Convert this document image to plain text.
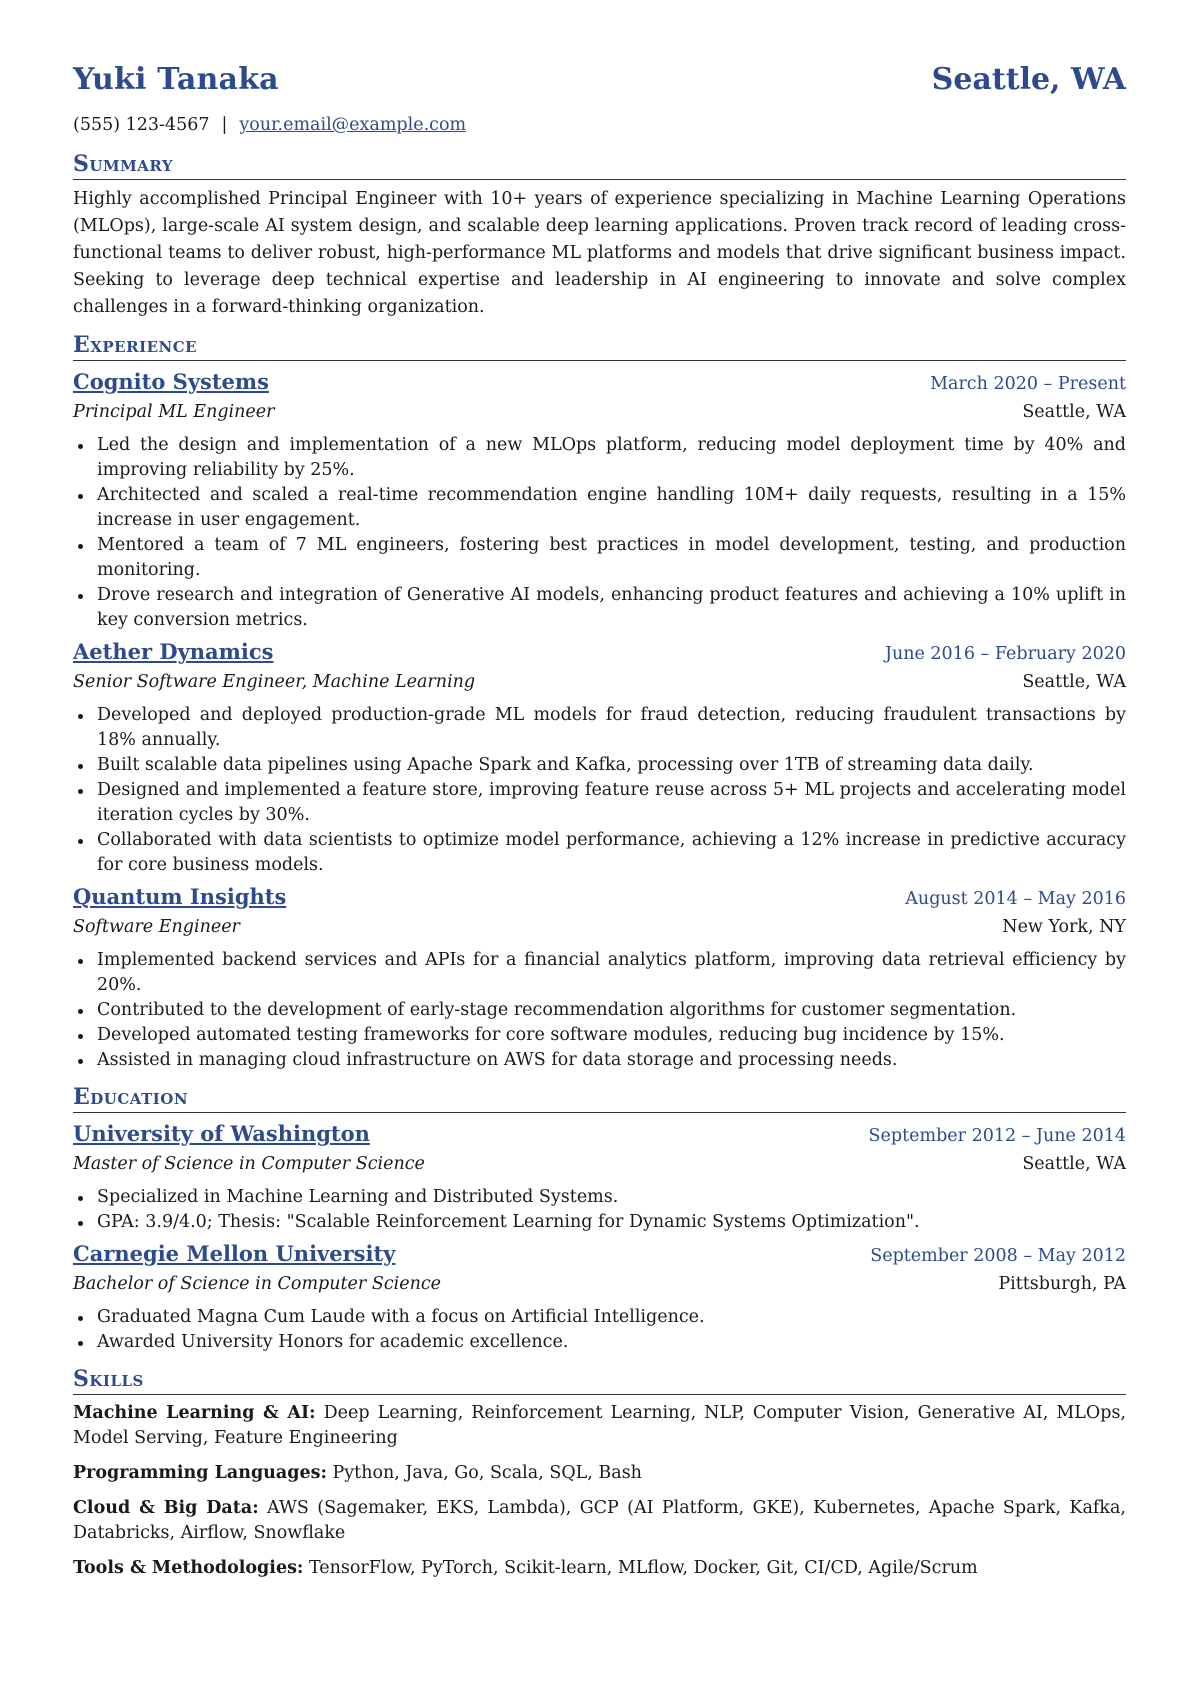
Yuki Tanaka	Seattle, WA
(555) 123-4567 | your.email@example.com
Summary

Highly accomplished Principal Engineer with 10+ years of experience specializing in Machine Learning Operations (MLOps), large-scale AI system design, and scalable deep learning applications. Proven track record of leading cross-functional teams to deliver robust, high-performance ML platforms and models that drive significant business impact. Seeking to leverage deep technical expertise and leadership in AI engineering to innovate and solve complex challenges in a forward-thinking organization.

Experience
Cognito Systems	March 2020 – Present
Principal ML Engineer	Seattle, WA
Led the design and implementation of a new MLOps platform, reducing model deployment time by 40% and improving reliability by 25%.
Architected and scaled a real-time recommendation engine handling 10M+ daily requests, resulting in a 15% increase in user engagement.
Mentored a team of 7 ML engineers, fostering best practices in model development, testing, and production monitoring.
Drove research and integration of Generative AI models, enhancing product features and achieving a 10% uplift in key conversion metrics.
Aether Dynamics	June 2016 – February 2020
Senior Software Engineer, Machine Learning	Seattle, WA
Developed and deployed production-grade ML models for fraud detection, reducing fraudulent transactions by 18% annually.
Built scalable data pipelines using Apache Spark and Kafka, processing over 1TB of streaming data daily.
Designed and implemented a feature store, improving feature reuse across 5+ ML projects and accelerating model iteration cycles by 30%.
Collaborated with data scientists to optimize model performance, achieving a 12% increase in predictive accuracy for core business models.
Quantum Insights	August 2014 – May 2016
Software Engineer	New York, NY
Implemented backend services and APIs for a financial analytics platform, improving data retrieval efficiency by 20%.
Contributed to the development of early-stage recommendation algorithms for customer segmentation.
Developed automated testing frameworks for core software modules, reducing bug incidence by 15%.
Assisted in managing cloud infrastructure on AWS for data storage and processing needs.
Education
University of Washington	September 2012 – June 2014
Master of Science in Computer Science	Seattle, WA
Specialized in Machine Learning and Distributed Systems.
GPA: 3.9/4.0; Thesis: "Scalable Reinforcement Learning for Dynamic Systems Optimization".
Carnegie Mellon University	September 2008 – May 2012
Bachelor of Science in Computer Science	Pittsburgh, PA
Graduated Magna Cum Laude with a focus on Artificial Intelligence.
Awarded University Honors for academic excellence.
Skills

Machine Learning & AI: Deep Learning, Reinforcement Learning, NLP, Computer Vision, Generative AI, MLOps, Model Serving, Feature Engineering

Programming Languages: Python, Java, Go, Scala, SQL, Bash

Cloud & Big Data: AWS (Sagemaker, EKS, Lambda), GCP (AI Platform, GKE), Kubernetes, Apache Spark, Kafka, Databricks, Airflow, Snowflake

Tools & Methodologies: TensorFlow, PyTorch, Scikit-learn, MLflow, Docker, Git, CI/CD, Agile/Scrum
